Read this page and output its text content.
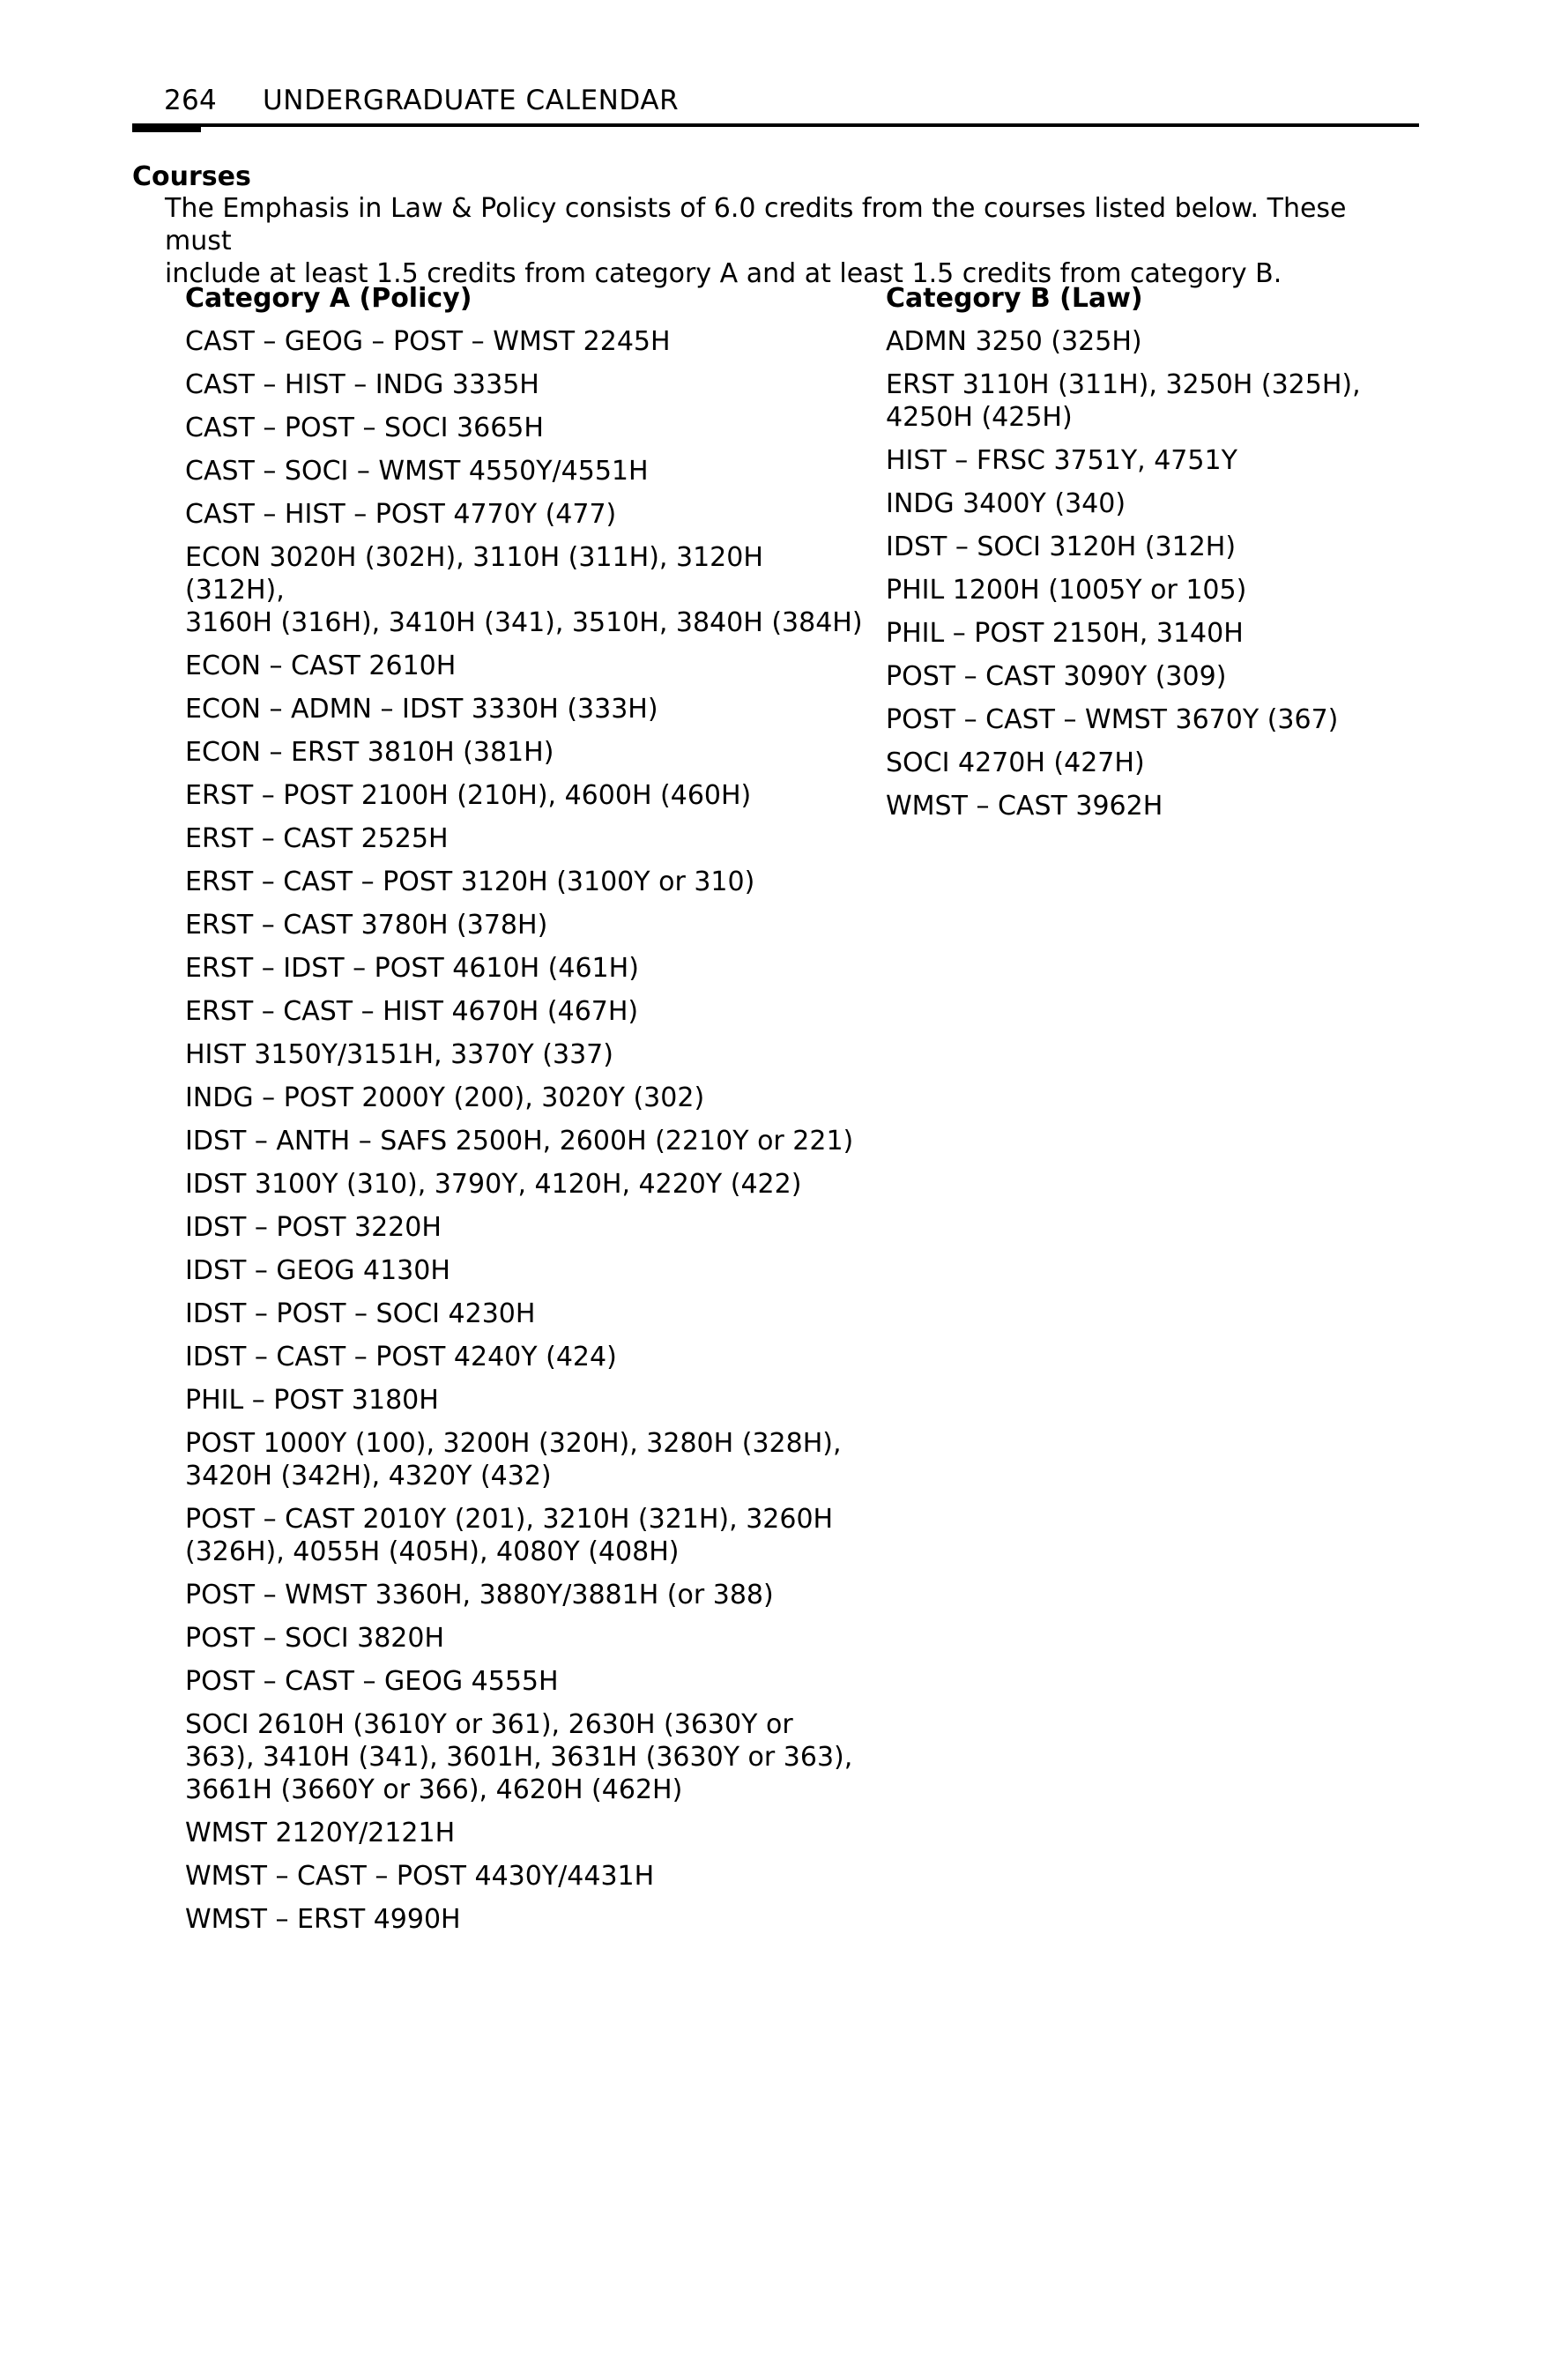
264 UNDERGRADUATE CALENDAR
Courses
The Emphasis in Law & Policy consists of 6.0 credits from the courses listed below. These must
include at least 1.5 credits from category A and at least 1.5 credits from category B.
Category A (Policy)
CAST – GEOG – POST – WMST 2245H
CAST – HIST – INDG 3335H
CAST – POST – SOCI 3665H
CAST – SOCI – WMST 4550Y/4551H
CAST – HIST – POST 4770Y (477)
ECON 3020H (302H), 3110H (311H), 3120H (312H),
3160H (316H), 3410H (341), 3510H, 3840H (384H)
ECON – CAST 2610H
ECON – ADMN – IDST 3330H (333H)
ECON – ERST 3810H (381H)
ERST – POST 2100H (210H), 4600H (460H)
ERST – CAST 2525H
ERST – CAST – POST 3120H (3100Y or 310)
ERST – CAST 3780H (378H)
ERST – IDST – POST 4610H (461H)
ERST – CAST – HIST 4670H (467H)
HIST 3150Y/3151H, 3370Y (337)
INDG – POST 2000Y (200), 3020Y (302)
IDST – ANTH – SAFS 2500H, 2600H (2210Y or 221)
IDST 3100Y (310), 3790Y, 4120H, 4220Y (422)
IDST – POST 3220H
IDST – GEOG 4130H
IDST – POST – SOCI 4230H
IDST – CAST – POST 4240Y (424)
PHIL – POST 3180H
POST 1000Y (100), 3200H (320H), 3280H (328H),
3420H (342H), 4320Y (432)
POST – CAST 2010Y (201), 3210H (321H), 3260H
(326H), 4055H (405H), 4080Y (408H)
POST – WMST 3360H, 3880Y/3881H (or 388)
POST – SOCI 3820H
POST – CAST – GEOG 4555H
SOCI 2610H (3610Y or 361), 2630H (3630Y or
363), 3410H (341), 3601H, 3631H (3630Y or 363),
3661H (3660Y or 366), 4620H (462H)
WMST 2120Y/2121H
WMST – CAST – POST 4430Y/4431H
WMST – ERST 4990H
Category B (Law)
ADMN 3250 (325H)
ERST 3110H (311H), 3250H (325H),
4250H (425H)
HIST – FRSC 3751Y, 4751Y
INDG 3400Y (340)
IDST – SOCI 3120H (312H)
PHIL 1200H (1005Y or 105)
PHIL – POST 2150H, 3140H
POST – CAST 3090Y (309)
POST – CAST – WMST 3670Y (367)
SOCI 4270H (427H)
WMST – CAST 3962H
